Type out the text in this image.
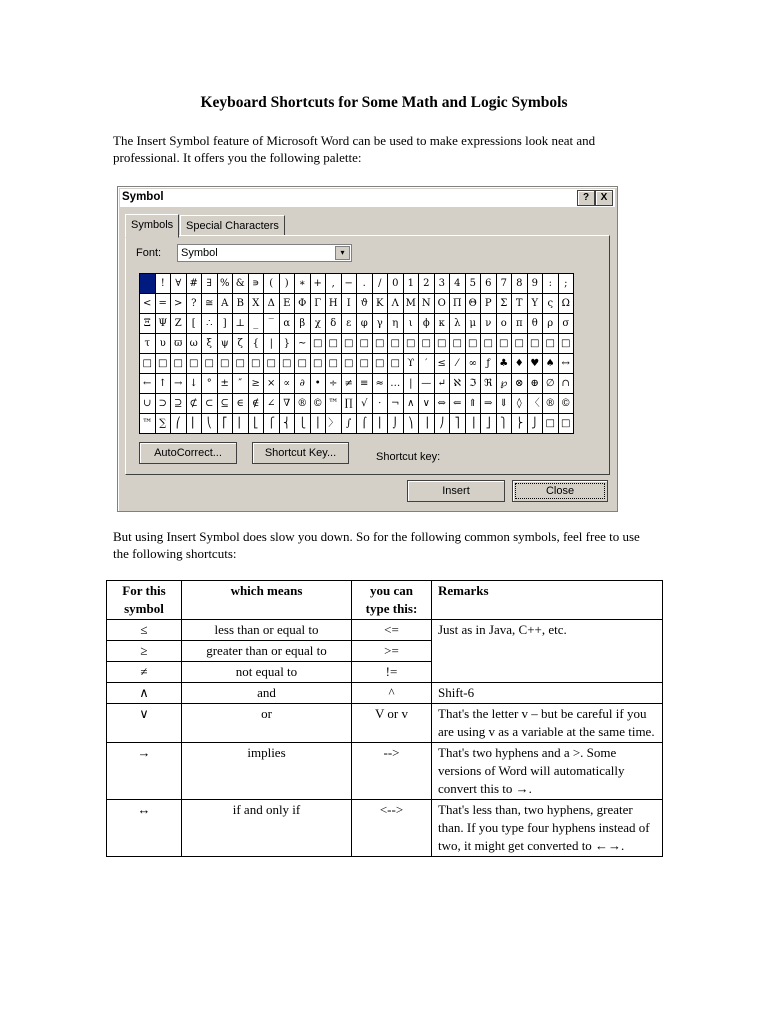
Keyboard Shortcuts for Some Math and Logic Symbols

The Insert Symbol feature of Microsoft Word can be used to make expressions look neat and professional. It offers you the following palette:

Symbol	?	X
Symbols	Special Characters
Font:	Symbol	▾
	!	∀	#	∃	%	&	∍	(	)	∗	+	,	−	.	/	0	1	2	3	4	5	6	7	8	9	:	;
<	=	>	?	≅	Α	Β	Χ	Δ	Ε	Φ	Γ	Η	Ι	ϑ	Κ	Λ	Μ	Ν	Ο	Π	Θ	Ρ	Σ	Τ	Υ	ς	Ω
Ξ	Ψ	Ζ	[	∴	]	⊥	_	‾	α	β	χ	δ	ε	φ	γ	η	ι	ϕ	κ	λ	μ	ν	ο	π	θ	ρ	σ
τ	υ	ϖ	ω	ξ	ψ	ζ	{	|	}	∼	□	□	□	□	□	□	□	□	□	□	□	□	□	□	□	□	□
□	□	□	□	□	□	□	□	□	□	□	□	□	□	□	□	□	ϒ	′	≤	⁄	∞	ƒ	♣	♦	♥	♠	↔
←	↑	→	↓	°	±	″	≥	×	∝	∂	•	÷	≠	≡	≈	…	|	—	↵	ℵ	ℑ	ℜ	℘	⊗	⊕	∅	∩
∪	⊃	⊇	⊄	⊂	⊆	∈	∉	∠	∇	®	©	™	∏	√	⋅	¬	∧	∨	⇔	⇐	⇑	⇒	⇓	◊	〈	®	©
™	∑	⎛	⎜	⎝	⎡	⎢	⎣	⎧	⎨	⎩	⎪	〉	∫	⌠	⎮	⌡	⎞	⎟	⎠	⎤	⎥	⎦	⎫	⎬	⎭	□	□
AutoCorrect...	Shortcut Key...	Shortcut key:
Insert	Close

But using Insert Symbol does slow you down. So for the following common symbols, feel free to use the following shortcuts:

For this symbol	which means	you can type this:	Remarks
≤	less than or equal to	<=	Just as in Java, C++, etc.
≥	greater than or equal to	>=	
≠	not equal to	!=	
∧	and	^	Shift-6
∨	or	V or v	That's the letter v – but be careful if you are using v as a variable at the same time.
→	implies	-->	That's two hyphens and a >. Some versions of Word will automatically convert this to →.
↔	if and only if	<-->	That's less than, two hyphens, greater than. If you type four hyphens instead of two, it might get converted to ←→.
